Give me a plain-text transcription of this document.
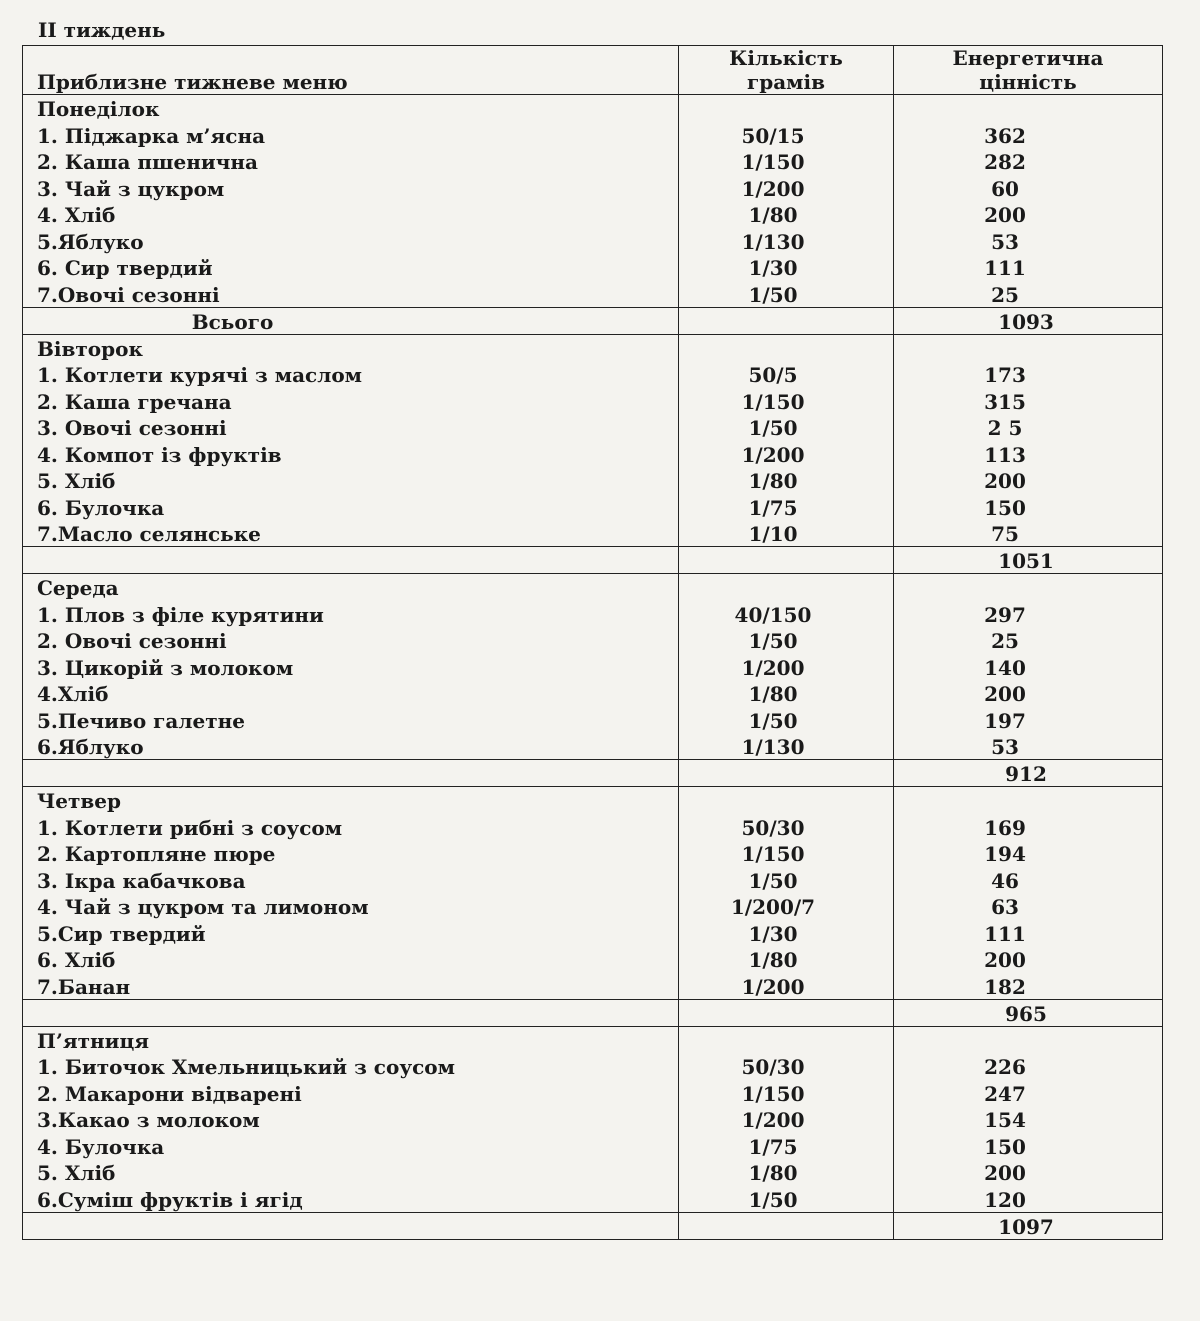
II тиждень
Приблизне тижневе меню	Кількість грамів	Енергетична цінність
Понеділок		
1. Піджарка м’ясна	50/15	362
2. Каша пшенична	1/150	282
3. Чай з цукром	1/200	60
4. Хліб	1/80	200
5.Яблуко	1/130	53
6. Сир твердий	1/30	111
7.Овочі сезонні	1/50	25
Всього		1093
Вівторок		
1. Котлети курячі з маслом	50/5	173
2. Каша гречана	1/150	315
3. Овочі сезонні	1/50	2 5
4. Компот із фруктів	1/200	113
5. Хліб	1/80	200
6. Булочка	1/75	150
7.Масло селянське	1/10	75
		1051
Середа		
1. Плов з філе курятини	40/150	297
2. Овочі сезонні	1/50	25
3. Цикорій з молоком	1/200	140
4.Хліб	1/80	200
5.Печиво галетне	1/50	197
6.Яблуко	1/130	53
		912
Четвер		
1. Котлети рибні з соусом	50/30	169
2. Картопляне пюре	1/150	194
3. Ікра кабачкова	1/50	46
4. Чай з цукром та лимоном	1/200/7	63
5.Сир твердий	1/30	111
6. Хліб	1/80	200
7.Банан	1/200	182
		965
П’ятниця		
1. Биточок Хмельницький з соусом	50/30	226
2. Макарони відварені	1/150	247
3.Какао з молоком	1/200	154
4. Булочка	1/75	150
5. Хліб	1/80	200
6.Суміш фруктів і ягід	1/50	120
		1097
